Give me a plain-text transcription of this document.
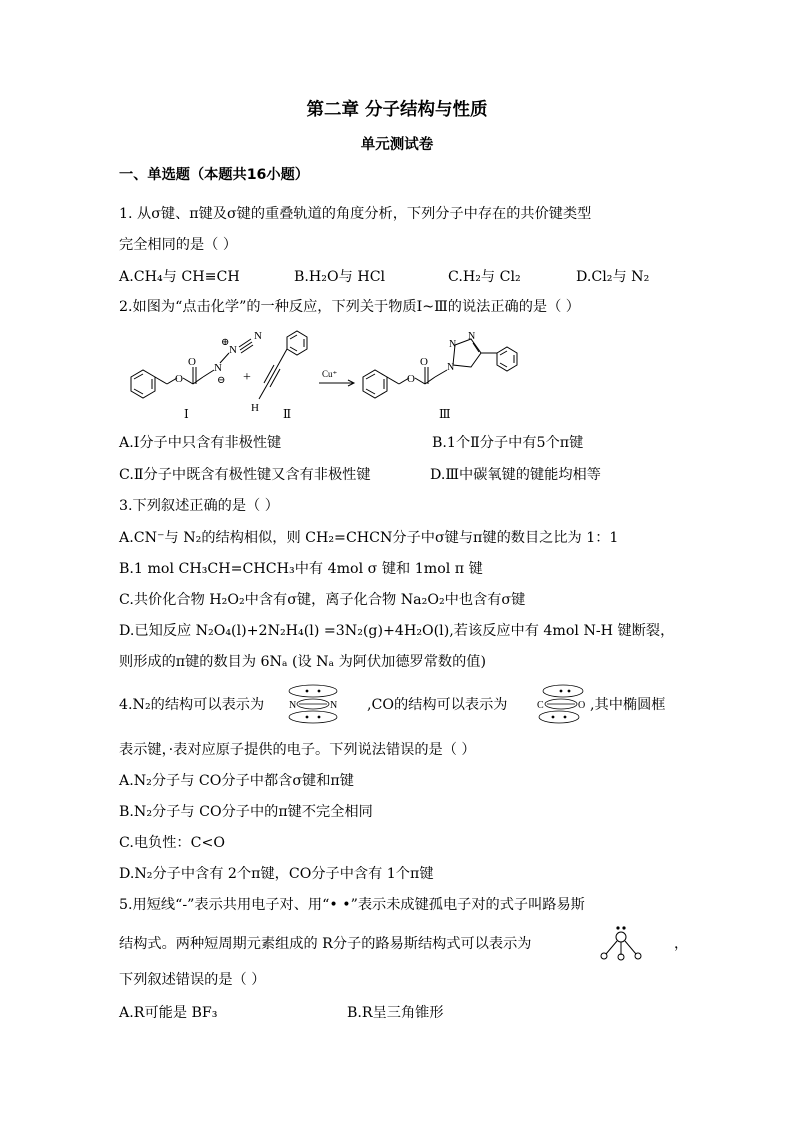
第二章 分子结构与性质
单元测试卷
一、单选题（本题共16小题）
1. 从σ键、π键及σ键的重叠轨道的角度分析，下列分子中存在的共价键类型
完全相同的是（ ）
A.CH₄与 CH≡CH	B.H₂O与 HCl	C.H₂与 Cl₂	D.Cl₂与 N₂
2.如图为“点击化学”的一种反应，下列关于物质Ⅰ~Ⅲ的说法正确的是（ ）
O
O N
N
N
⊕
⊖ +
H
Cu⁺	O
O N
N
N
Ⅰ	Ⅱ	Ⅲ
A.Ⅰ分子中只含有非极性键	B.1个Ⅱ分子中有5个π键
C.Ⅱ分子中既含有极性键又含有非极性键	D.Ⅲ中碳氧键的键能均相等
3.下列叙述正确的是（ ）
A.CN⁻与 N₂的结构相似，则 CH₂=CHCN分子中σ键与π键的数目之比为 1：1
B.1 mol CH₃CH=CHCH₃中有 4mol σ 键和 1mol π 键
C.共价化合物 H₂O₂中含有σ键，离子化合物 Na₂O₂中也含有σ键
D.已知反应 N₂O₄(l)+2N₂H₄(l) =3N₂(g)+4H₂O(l),若该反应中有 4mol N-H 键断裂，
则形成的π键的数目为 6Nₐ (设 Nₐ 为阿伏加德罗常数的值)
4.N₂的结构可以表示为 N	N ,CO的结构可以表示为	C	O ,其中椭圆框
表示键，·表对应原子提供的电子。下列说法错误的是（ ）
A.N₂分子与 CO分子中都含σ键和π键
B.N₂分子与 CO分子中的π键不完全相同
C.电负性：C<O
D.N₂分子中含有 2个π键，CO分子中含有 1个π键
5.用短线“-”表示共用电子对、用“• •”表示未成键孤电子对的式子叫路易斯
结构式。两种短周期元素组成的 R分子的路易斯结构式可以表示为	，
下列叙述错误的是（ ）
A.R可能是 BF₃	B.R呈三角锥形
